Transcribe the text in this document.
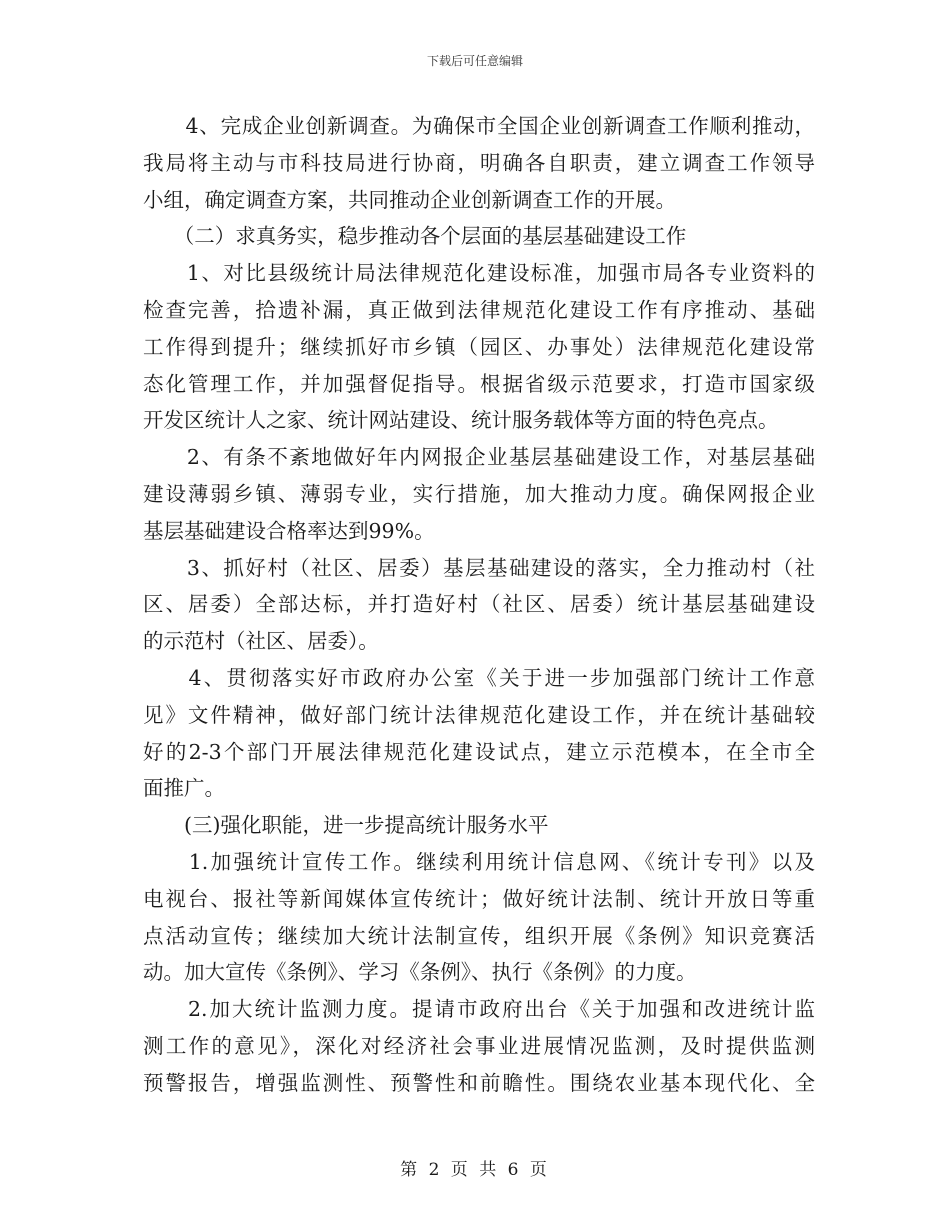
下载后可任意编辑
　　4、完成企业创新调查。为确保市全国企业创新调查工作顺利推动，
我局将主动与市科技局进行协商，明确各自职责，建立调查工作领导
小组，确定调查方案，共同推动企业创新调查工作的开展。
　　（二）求真务实，稳步推动各个层面的基层基础建设工作
　　1、对比县级统计局法律规范化建设标准，加强市局各专业资料的
检查完善，拾遗补漏，真正做到法律规范化建设工作有序推动、基础
工作得到提升；继续抓好市乡镇（园区、办事处）法律规范化建设常
态化管理工作，并加强督促指导。根据省级示范要求，打造市国家级
开发区统计人之家、统计网站建设、统计服务载体等方面的特色亮点。
　　2、有条不紊地做好年内网报企业基层基础建设工作，对基层基础
建设薄弱乡镇、薄弱专业，实行措施，加大推动力度。确保网报企业
基层基础建设合格率达到99%。
　　3、抓好村（社区、居委）基层基础建设的落实，全力推动村（社
区、居委）全部达标，并打造好村（社区、居委）统计基层基础建设
的示范村（社区、居委）。
　　4、贯彻落实好市政府办公室《关于进一步加强部门统计工作意
见》文件精神，做好部门统计法律规范化建设工作，并在统计基础较
好的2-3个部门开展法律规范化建设试点，建立示范模本，在全市全
面推广。
　　(三)强化职能，进一步提高统计服务水平
　　1.加强统计宣传工作。继续利用统计信息网、《统计专刊》以及
电视台、报社等新闻媒体宣传统计；做好统计法制、统计开放日等重
点活动宣传；继续加大统计法制宣传，组织开展《条例》知识竞赛活
动。加大宣传《条例》、学习《条例》、执行《条例》的力度。
　　2.加大统计监测力度。提请市政府出台《关于加强和改进统计监
测工作的意见》，深化对经济社会事业进展情况监测，及时提供监测
预警报告，增强监测性、预警性和前瞻性。围绕农业基本现代化、全
第 2 页 共 6 页
